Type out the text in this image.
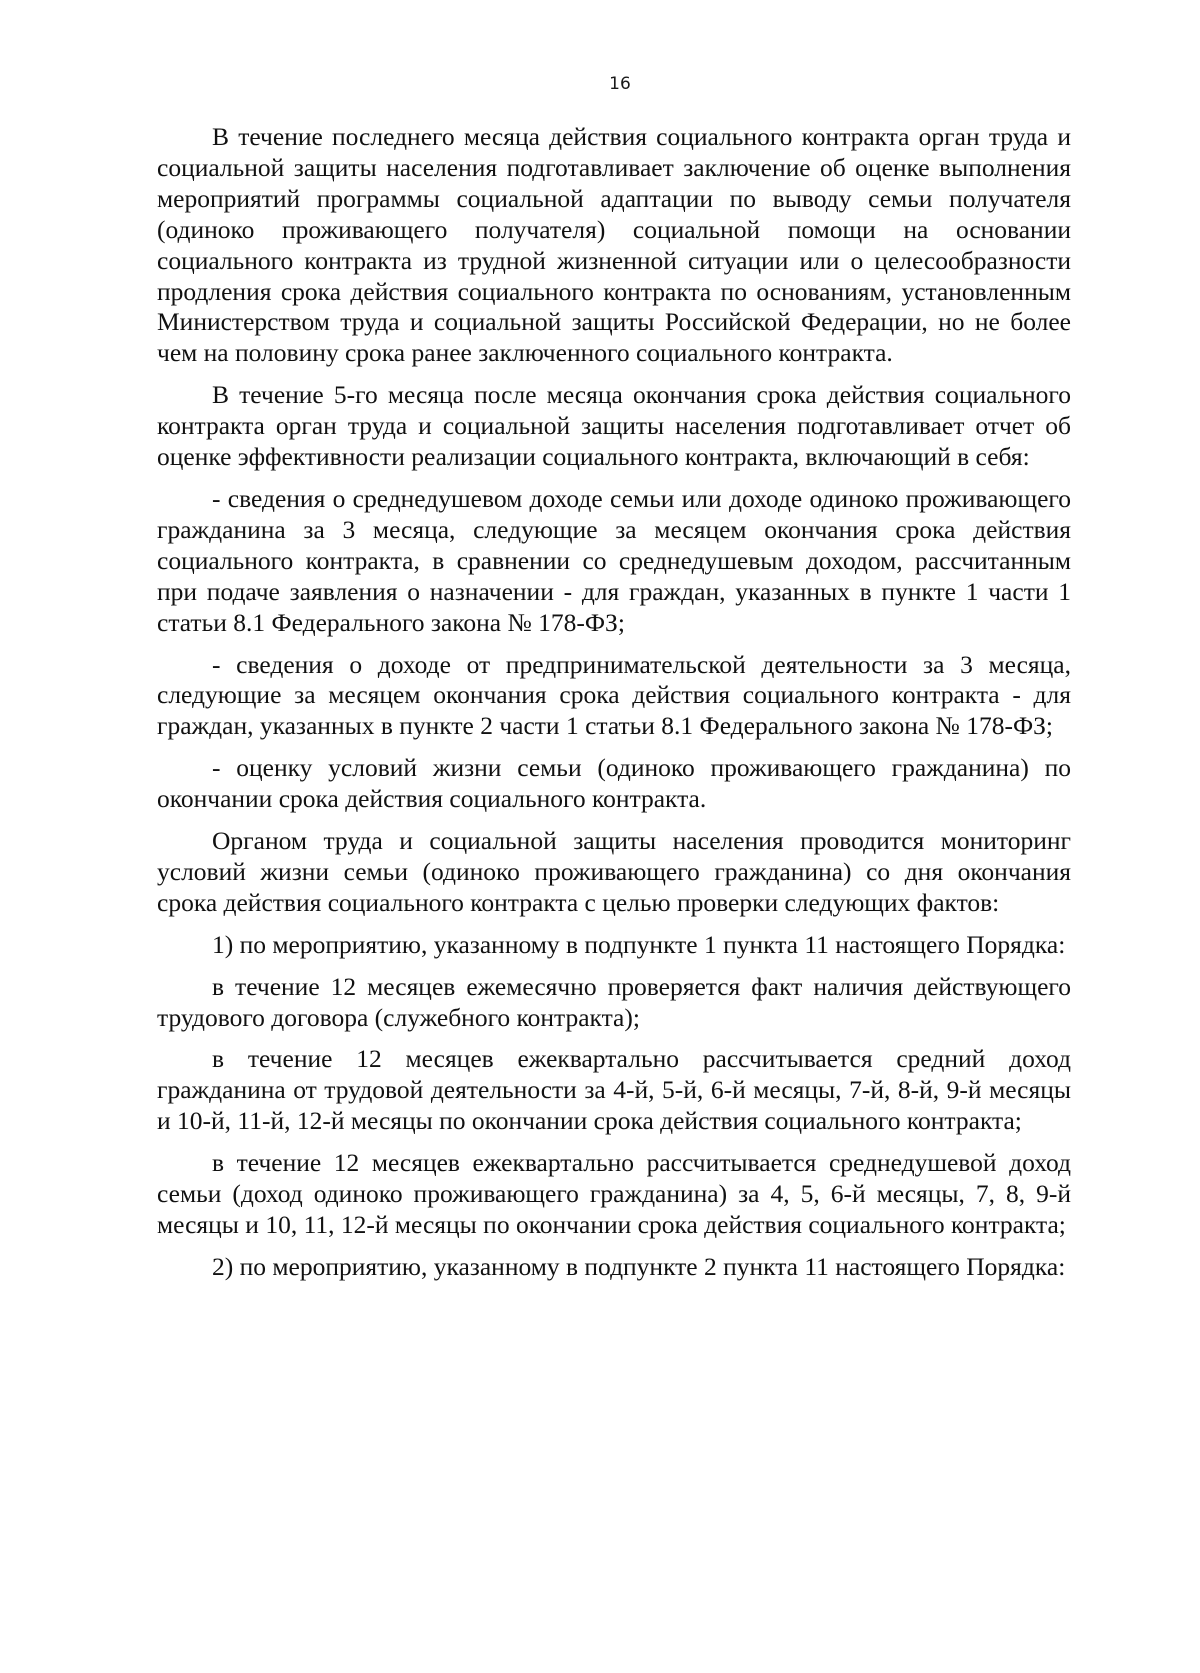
16

В течение последнего месяца действия социального контракта орган труда и социальной защиты населения подготавливает заключение об оценке выполнения мероприятий программы социальной адаптации по выводу семьи получателя (одиноко проживающего получателя) социальной помощи на основании социального контракта из трудной жизненной ситуации или о целесообразности продления срока действия социального контракта по основаниям, установленным Министерством труда и социальной защиты Российской Федерации, но не более чем на половину срока ранее заключенного социального контракта.

В течение 5-го месяца после месяца окончания срока действия социального контракта орган труда и социальной защиты населения подготавливает отчет об оценке эффективности реализации социального контракта, включающий в себя:

- сведения о среднедушевом доходе семьи или доходе одиноко проживающего гражданина за 3 месяца, следующие за месяцем окончания срока действия социального контракта, в сравнении со среднедушевым доходом, рассчитанным при подаче заявления о назначении - для граждан, указанных в пункте 1 части 1 статьи 8.1 Федерального закона № 178-ФЗ;

- сведения о доходе от предпринимательской деятельности за 3 месяца, следующие за месяцем окончания срока действия социального контракта - для граждан, указанных в пункте 2 части 1 статьи 8.1 Федерального закона № 178-ФЗ;

- оценку условий жизни семьи (одиноко проживающего гражданина) по окончании срока действия социального контракта.

Органом труда и социальной защиты населения проводится мониторинг условий жизни семьи (одиноко проживающего гражданина) со дня окончания срока действия социального контракта с целью проверки следующих фактов:

1) по мероприятию, указанному в подпункте 1 пункта 11 настоящего Порядка:

в течение 12 месяцев ежемесячно проверяется факт наличия действующего трудового договора (служебного контракта);

в течение 12 месяцев ежеквартально рассчитывается средний доход гражданина от трудовой деятельности за 4-й, 5-й, 6-й месяцы, 7-й, 8-й, 9-й месяцы и 10-й, 11-й, 12-й месяцы по окончании срока действия социального контракта;

в течение 12 месяцев ежеквартально рассчитывается среднедушевой доход семьи (доход одиноко проживающего гражданина) за 4, 5, 6-й месяцы, 7, 8, 9-й месяцы и 10, 11, 12-й месяцы по окончании срока действия социального контракта;

2) по мероприятию, указанному в подпункте 2 пункта 11 настоящего Порядка:
